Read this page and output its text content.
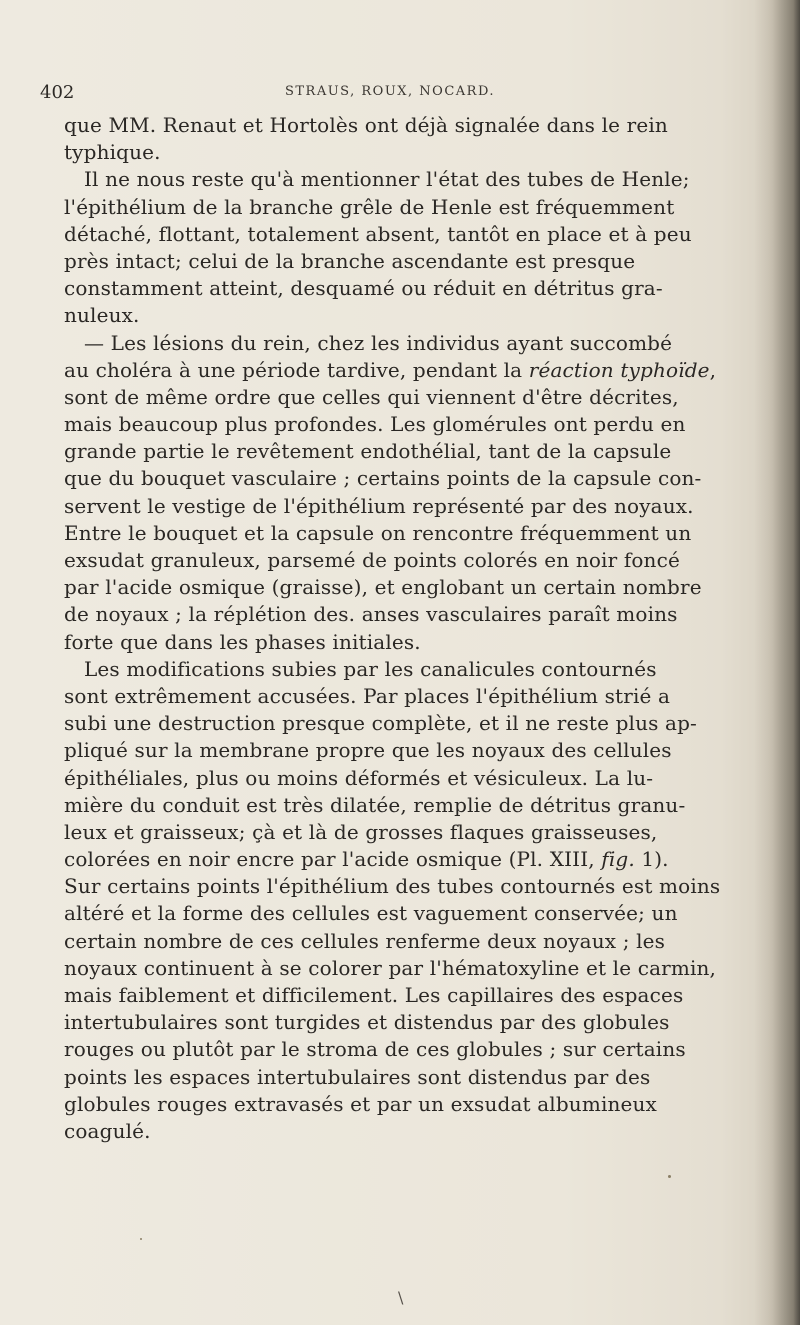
402	STRAUS, ROUX, NOCARD.
que MM. Renaut et Hortolès ont déjà signalée dans le rein
typhique.
Il ne nous reste qu'à mentionner l'état des tubes de Henle;
l'épithélium de la branche grêle de Henle est fréquemment
détaché, flottant, totalement absent, tantôt en place et à peu
près intact; celui de la branche ascendante est presque
constamment atteint, desquamé ou réduit en détritus gra-
nuleux.
— Les lésions du rein, chez les individus ayant succombé
au choléra à une période tardive, pendant la réaction typhoïde,
sont de même ordre que celles qui viennent d'être décrites,
mais beaucoup plus profondes. Les glomérules ont perdu en
grande partie le revêtement endothélial, tant de la capsule
que du bouquet vasculaire ; certains points de la capsule con-
servent le vestige de l'épithélium représenté par des noyaux.
Entre le bouquet et la capsule on rencontre fréquemment un
exsudat granuleux, parsemé de points colorés en noir foncé
par l'acide osmique (graisse), et englobant un certain nombre
de noyaux ; la réplétion des. anses vasculaires paraît moins
forte que dans les phases initiales.
Les modifications subies par les canalicules contournés
sont extrêmement accusées. Par places l'épithélium strié a
subi une destruction presque complète, et il ne reste plus ap-
pliqué sur la membrane propre que les noyaux des cellules
épithéliales, plus ou moins déformés et vésiculeux. La lu-
mière du conduit est très dilatée, remplie de détritus granu-
leux et graisseux; çà et là de grosses flaques graisseuses,
colorées en noir encre par l'acide osmique (Pl. XIII, fig. 1).
Sur certains points l'épithélium des tubes contournés est moins
altéré et la forme des cellules est vaguement conservée; un
certain nombre de ces cellules renferme deux noyaux ; les
noyaux continuent à se colorer par l'hématoxyline et le carmin,
mais faiblement et difficilement. Les capillaires des espaces
intertubulaires sont turgides et distendus par des globules
rouges ou plutôt par le stroma de ces globules ; sur certains
points les espaces intertubulaires sont distendus par des
globules rouges extravasés et par un exsudat albumineux
coagulé.
\
